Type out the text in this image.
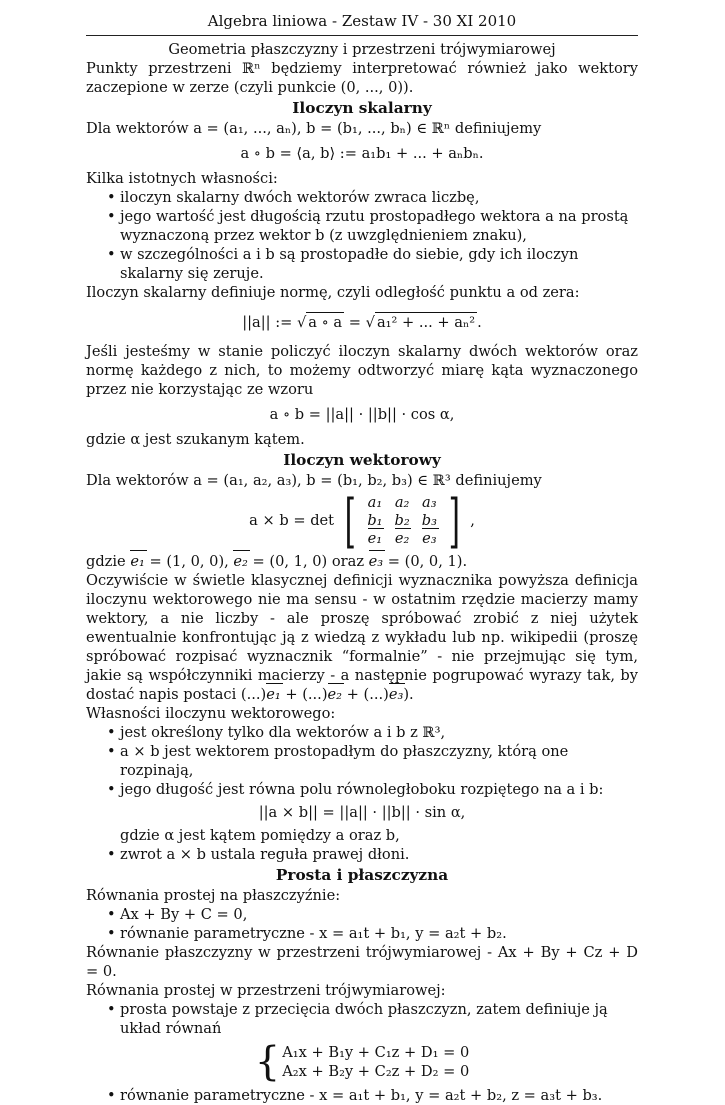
Algebra liniowa - Zestaw IV - 30 XI 2010
Geometria płaszczyzny i przestrzeni trójwymiarowej

Punkty przestrzeni ℝⁿ będziemy interpretować również jako wektory zaczepione w zerze (czyli punkcie (0, ..., 0)).

Iloczyn skalarny

Dla wektorów a = (a₁, ..., aₙ), b = (b₁, ..., bₙ) ∈ ℝⁿ definiujemy

a ∘ b = ⟨a, b⟩ := a₁b₁ + ... + aₙbₙ.

Kilka istotnych własności:

• iloczyn skalarny dwóch wektorów zwraca liczbę,
• jego wartość jest długością rzutu prostopadłego wektora a na prostą wyznaczoną przez wektor b (z uwzględnieniem znaku),
• w szczególności a i b są prostopadłe do siebie, gdy ich iloczyn skalarny się zeruje.

Iloczyn skalarny definiuje normę, czyli odległość punktu a od zera:

||a|| := √ a ∘ a = √ a₁² + ... + aₙ² .

Jeśli jesteśmy w stanie policzyć iloczyn skalarny dwóch wektorów oraz normę każdego z nich, to możemy odtworzyć miarę kąta wyznaczonego przez nie korzystając ze wzoru

a ∘ b = ||a|| · ||b|| · cos α,

gdzie α jest szukanym kątem.

Iloczyn wektorowy

Dla wektorów a = (a₁, a₂, a₃), b = (b₁, b₂, b₃) ∈ ℝ³ definiujemy

a × b = det [ a₁	a₂	a₃
b₁	b₂	b₃
e₁	e₂	e₃ ] ,

gdzie e₁ = (1, 0, 0), e₂ = (0, 1, 0) oraz e₃ = (0, 0, 1).

Oczywiście w świetle klasycznej definicji wyznacznika powyższa definicja iloczynu wektorowego nie ma sensu - w ostatnim rzędzie macierzy mamy wektory, a nie liczby - ale proszę spróbować zrobić z niej użytek ewentualnie konfrontując ją z wiedzą z wykładu lub np. wikipedii (proszę spróbować rozpisać wyznacznik “formalnie” - nie przejmując się tym, jakie są współczynniki macierzy - a następnie pogrupować wyrazy tak, by dostać napis postaci (...)e₁ + (...)e₂ + (...)e₃).

Własności iloczynu wektorowego:

• jest określony tylko dla wektorów a i b z ℝ³,
• a × b jest wektorem prostopadłym do płaszczyzny, którą one rozpinają,
• jego długość jest równa polu równoległoboku rozpiętego na a i b:
||a × b|| = ||a|| · ||b|| · sin α,
gdzie α jest kątem pomiędzy a oraz b,
• zwrot a × b ustala reguła prawej dłoni.
Prosta i płaszczyzna

Równania prostej na płaszczyźnie:

• Ax + By + C = 0,
• równanie parametryczne - x = a₁t + b₁, y = a₂t + b₂.

Równanie płaszczyzny w przestrzeni trójwymiarowej - Ax + By + Cz + D = 0.

Równania prostej w przestrzeni trójwymiarowej:

• prosta powstaje z przecięcia dwóch płaszczyzn, zatem definiuje ją układ równań
{ A₁x + B₁y + C₁z + D₁ = 0
A₂x + B₂y + C₂z + D₂ = 0
• równanie parametryczne - x = a₁t + b₁, y = a₂t + b₂, z = a₃t + b₃.
